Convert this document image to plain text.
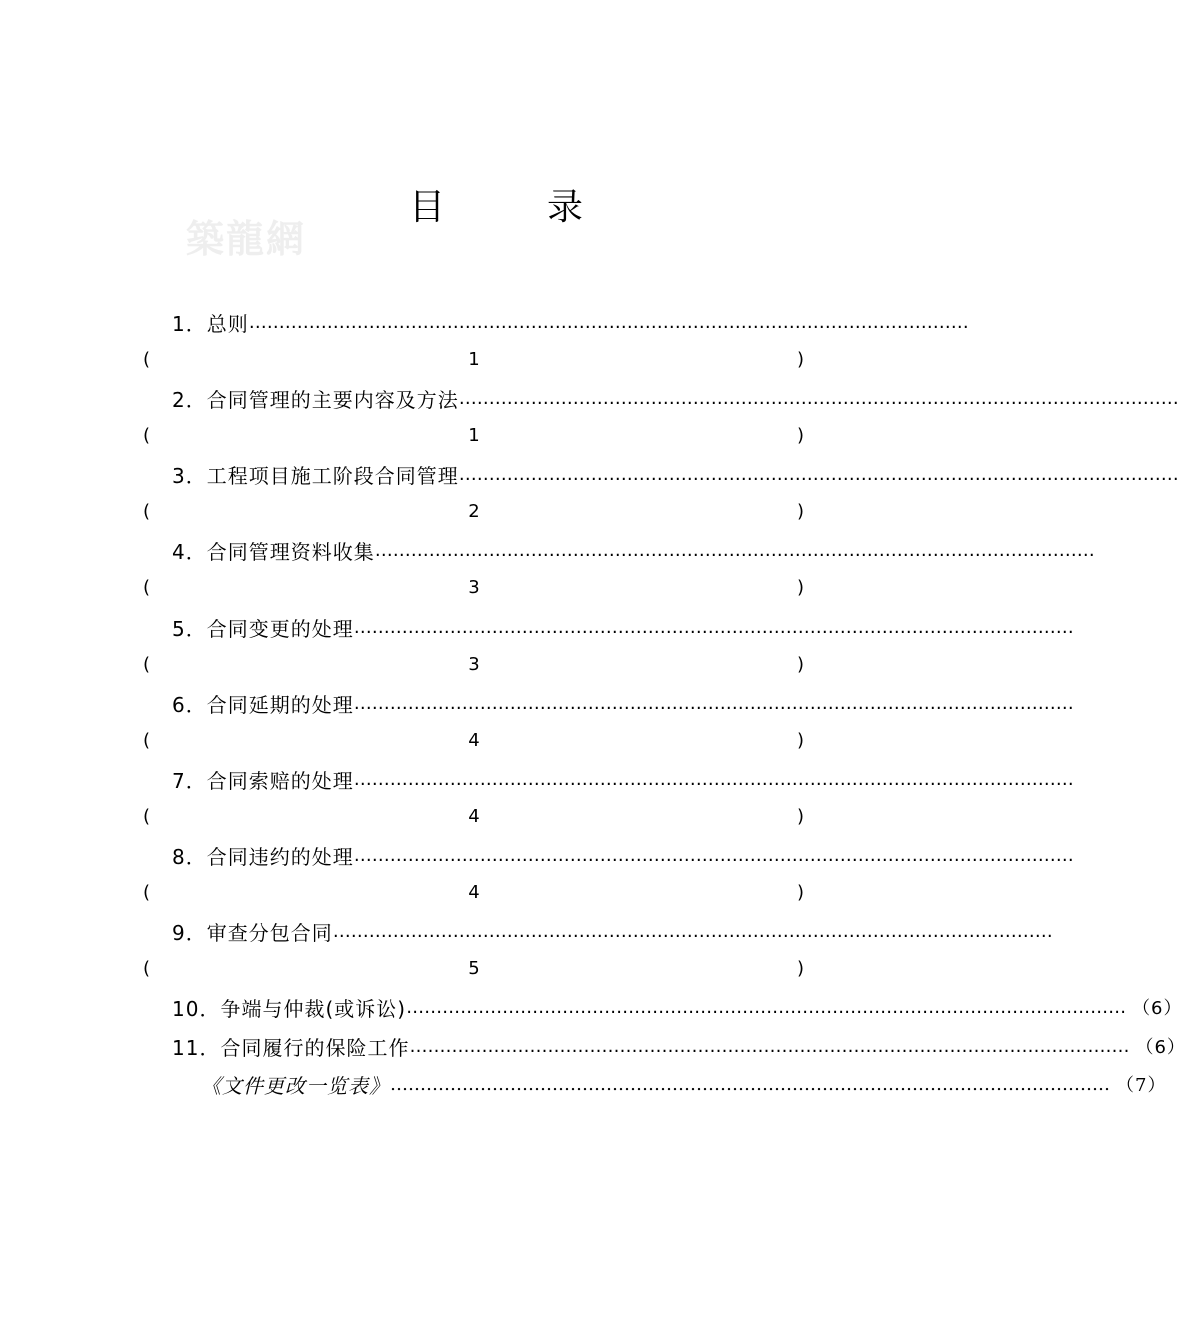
目	录
築龍網
1．总则 …………………………………………………………………………………………………………
(	1	)
2．合同管理的主要内容及方法 …………………………………………………………………………………………………………
(	1	)
3．工程项目施工阶段合同管理 …………………………………………………………………………………………………………
(	2	)
4．合同管理资料收集 …………………………………………………………………………………………………………
(	3	)
5．合同变更的处理 …………………………………………………………………………………………………………
(	3	)
6．合同延期的处理 …………………………………………………………………………………………………………
(	4	)
7．合同索赔的处理 …………………………………………………………………………………………………………
(	4	)
8．合同违约的处理 …………………………………………………………………………………………………………
(	4	)
9．审查分包合同 …………………………………………………………………………………………………………
(	5	)
10．争端与仲裁(或诉讼) ………………………………………………………………………………………………………… （6）
11．合同履行的保险工作 ………………………………………………………………………………………………………… （6）
《文件更改一览表》 ………………………………………………………………………………………………………… （7）
